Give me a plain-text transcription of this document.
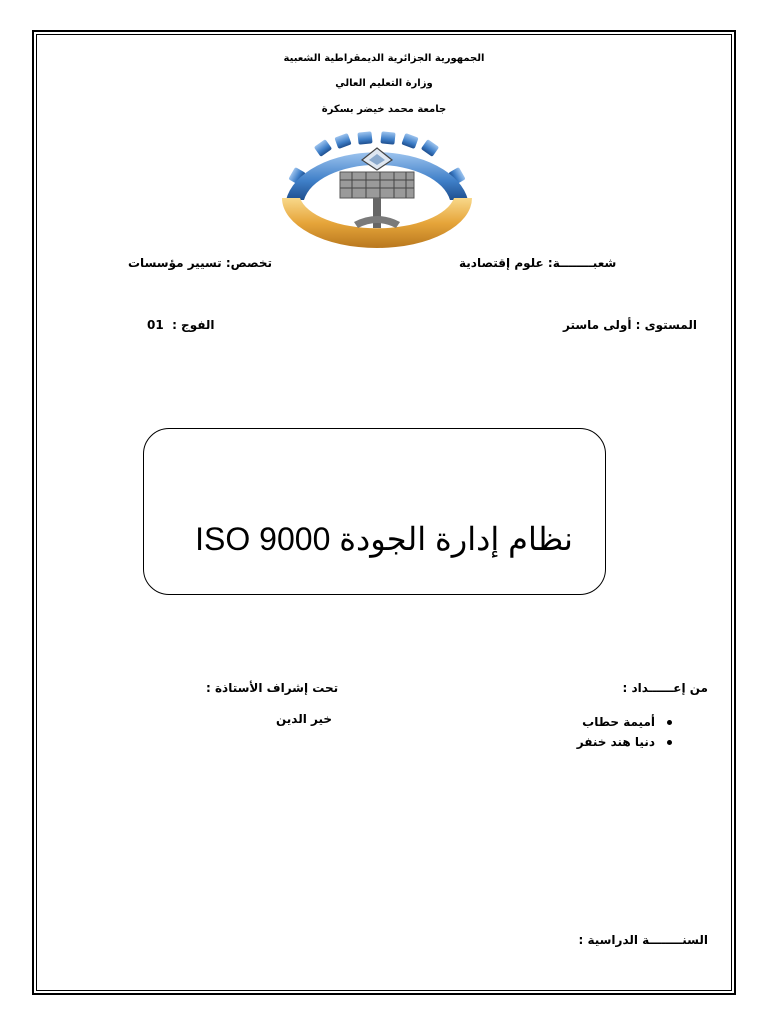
الجمهورية الجزائرية الديمقراطية الشعبية
وزارة التعليم العالي
جامعة محمد خيضر بسكرة
شعبــــــــة: علوم إقتصادية
تخصص: تسيير مؤسسات
المستوى : أولى ماستر
01 الفوج :
نظام إدارة الجودة ISO 9000
من إعــــــداد :
أميمة حطاب
دنيا هند خنفر
تحت إشراف الأستاذة :
خير الدين
السنــــــــة الدراسية :
